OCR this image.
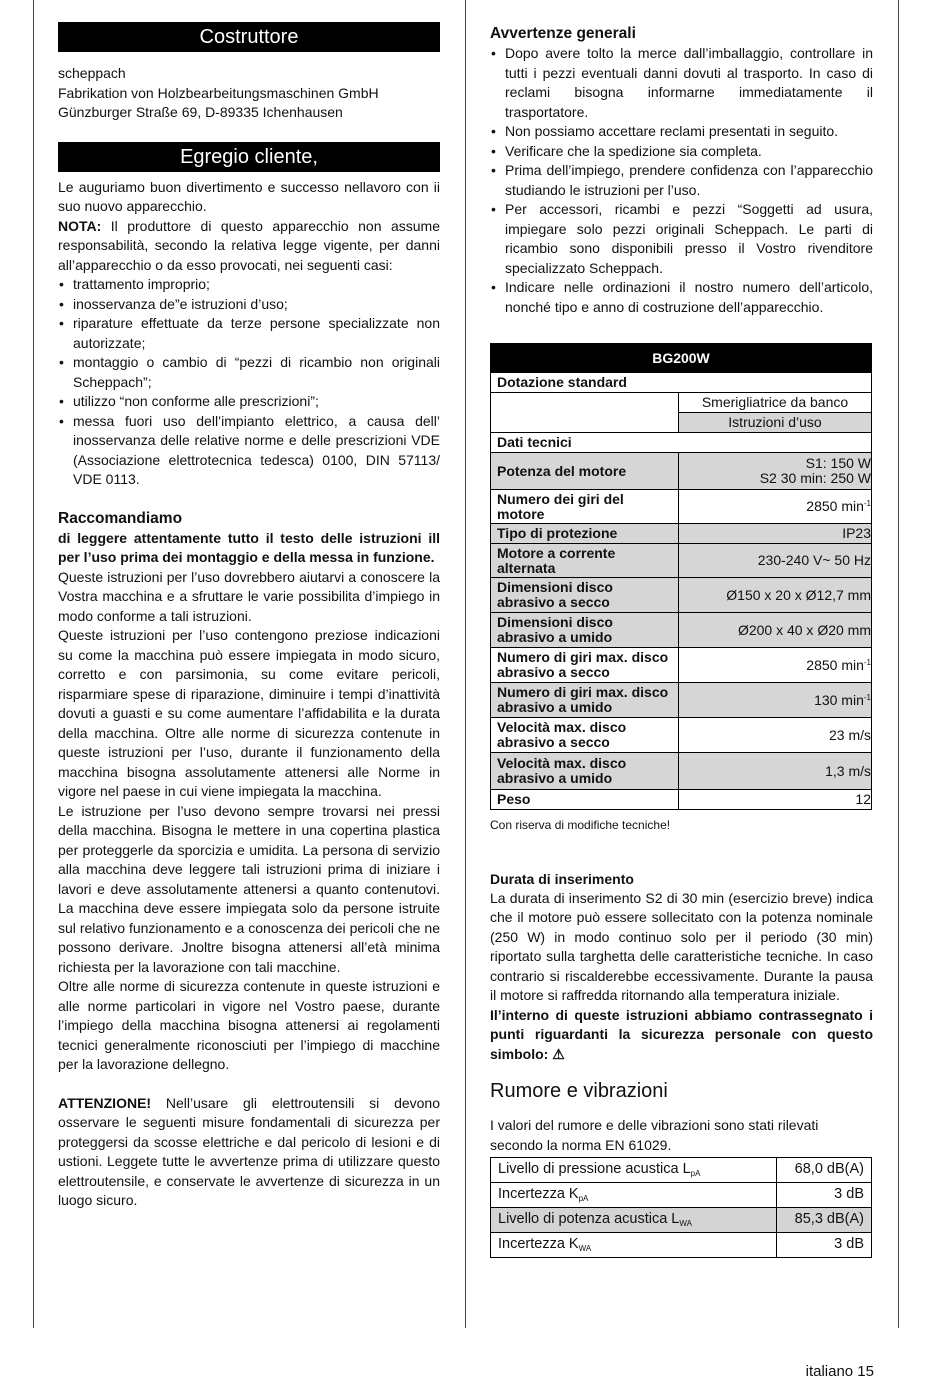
Costruttore
scheppach
Fabrikation von Holzbearbeitungsmaschinen GmbH
Günzburger Straße 69, D-89335 Ichenhausen
Egregio cliente,

Le auguriamo buon divertimento e successo nellavoro con ii suo nuovo apparecchio.

NOTA: Il produttore di questo apparecchio non assume responsabilità, secondo la relativa legge vigente, per danni all’apparecchio o da esso provocati, nei seguenti casi:

• trattamento improprio;
• inosservanza de”e istruzioni d’uso;
• riparature effettuate da terze persone specializzate non autorizzate;
• montaggio o cambio di “pezzi di ricambio non originali Scheppach”;
• utilizzo “non conforme alle prescrizioni”;
• messa fuori uso dell’impianto elettrico, a causa dell’ inosservanza delle relative norme e delle prescrizioni VDE (Associazione elettrotecnica tedesca) 0100, DIN 57113/ VDE 0113.
Raccomandiamo

di leggere attentamente tutto il testo delle istruzioni ill per l’uso prima dei montaggio e della messa in funzione.

Queste istruzioni per l’uso dovrebbero aiutarvi a conoscere la Vostra macchina e a sfruttare le varie possibilita d’impiego in modo conforme a tali istruzioni.

Queste istruzioni per l’uso contengono preziose indicazioni su come la macchina può essere impiegata in modo sicuro, corretto e con parsimonia, su come evitare pericoli, risparmiare spese di riparazione, diminuire i tempi d’inattività dovuti a guasti e su come aumentare l’affidabilita e la durata della macchina. Oltre alle norme di sicurezza contenute in queste istruzioni per l’uso, durante il funzionamento della macchina bisogna assolutamente attenersi alle Norme in vigore nel paese in cui viene impiegata la macchina.

Le istruzione per l’uso devono sempre trovarsi nei pressi della macchina. Bisogna le mettere in una copertina plastica per proteggerle da sporcizia e umidita. La persona di servizio alla macchina deve leggere tali istruzioni prima di iniziare i lavori e deve assolutamente attenersi a quanto contenutovi. La macchina deve essere impiegata solo da persone istruite sul relativo funzionamento e a conoscenza dei pericoli che ne possono derivare. Jnoltre bisogna attenersi all’età minima richiesta per la lavorazione con tali macchine.

Oltre alle norme di sicurezza contenute in queste istruzioni e alle norme particolari in vigore nel Vostro paese, durante l’impiego della macchina bisogna attenersi ai regolamenti tecnici generalmente riconosciuti per l’impiego di macchine per la lavorazione dellegno.

ATTENZIONE! Nell’usare gli elettroutensili si devono osservare le seguenti misure fondamentali di sicurezza per proteggersi da scosse elettriche e dal pericolo di lesioni e di ustioni. Leggete tutte le avvertenze prima di utilizzare questo elettroutensile, e conservate le avvertenze di sicurezza in un luogo sicuro.

Avvertenze generali
• Dopo avere tolto la merce dall’imballaggio, controllare in tutti i pezzi eventuali danni dovuti al trasporto. In caso di reclami bisogna informarne immediatamente il trasportatore.
• Non possiamo accettare reclami presentati in seguito.
• Verificare che la spedizione sia completa.
• Prima dell’impiego, prendere confidenza con l’apparecchio studiando le istruzioni per l’uso.
• Per accessori, ricambi e pezzi “Soggetti ad usura, impiegare solo pezzi originali Scheppach. Le parti di ricambio sono disponibili presso il Vostro rivenditore specializzato Scheppach.
• Indicare nelle ordinazioni il nostro numero dell’articolo, nonché tipo e anno di costruzione dell’apparecchio.
BG200W	
Dotazione standard	
	Smerigliatrice da banco
	Istruzioni d’uso
Dati tecnici	
Potenza del motore	S1: 150 W
S2 30 min: 250 W
Numero dei giri del motore	2850 $\min^{-1}$
Tipo di protezione	IP23
Motore a corrente alternata	230-240 V~ 50 Hz
Dimensioni disco abrasivo a secco	Ø150 x 20 x Ø12,7 mm
Dimensioni disco abrasivo a umido	Ø200 x 40 x Ø20 mm
Numero di giri max. disco abrasivo a secco	2850 $\min^{-1}$
Numero di giri max. disco abrasivo a umido	130 $\min^{-1}$
Velocità max. disco abrasivo a secco	23 m/s
Velocità max. disco abrasivo a umido	1,3 m/s
Peso	12
Con riserva di modifiche tecniche!
Durata di inserimento

La durata di inserimento S2 di 30 min (esercizio breve) indica che il motore può essere sollecitato con la potenza nominale (250 W) in modo continuo solo per il periodo (30 min) riportato sulla targhetta delle caratteristiche tecniche. In caso contrario si riscalderebbe eccessivamente. Durante la pausa il motore si raffredda ritornando alla temperatura iniziale.

Il’interno di queste istruzioni abbiamo contrassegnato i punti riguardanti la sicurezza personale con questo simbolo: ⚠

Rumore e vibrazioni

I valori del rumore e delle vibrazioni sono stati rilevati secondo la norma EN 61029.

Livello di pressione acustica $L_{pA}$	68,0 dB(A)
Incertezza $K_{pA}$	3 dB
Livello di potenza acustica $L_{WA}$	85,3 dB(A)
Incertezza $K_{WA}$	3 dB
italiano 15
